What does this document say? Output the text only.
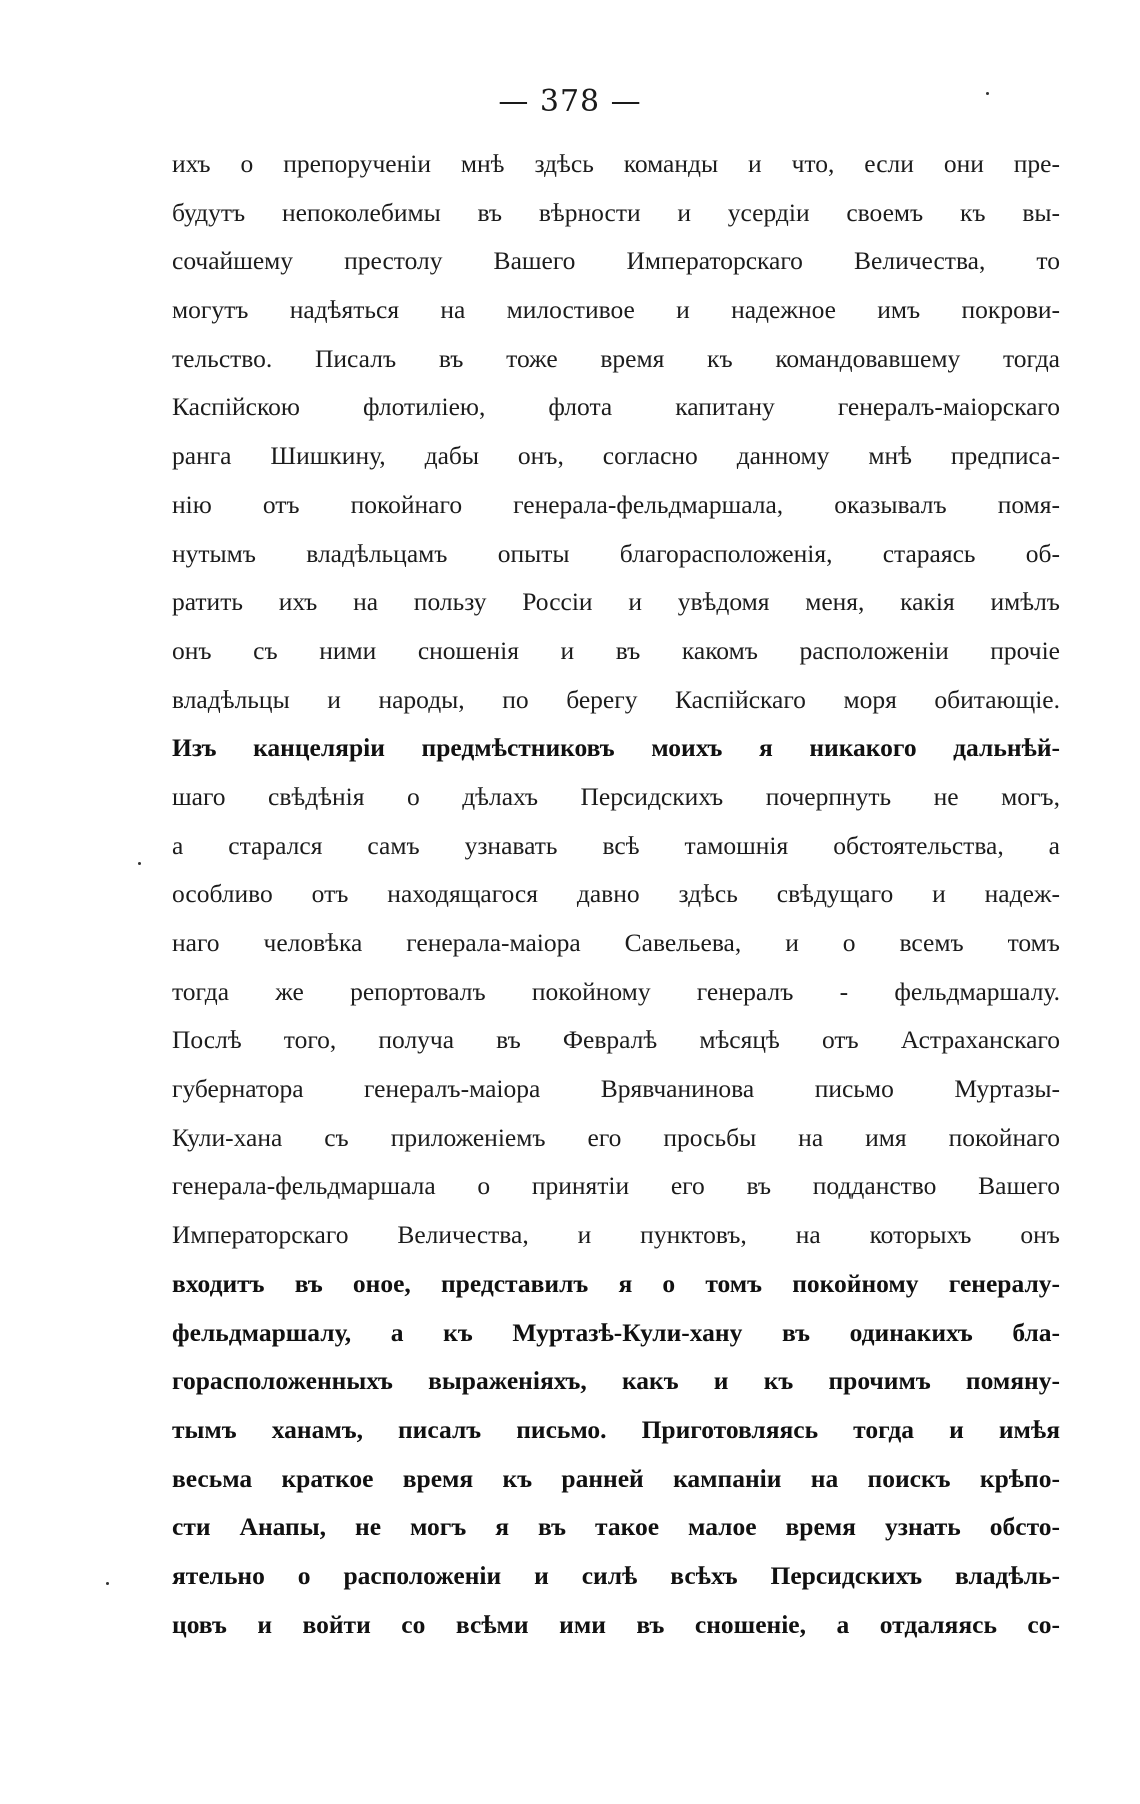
— 378 —
ихъ о препорученіи мнѣ здѣсь команды и что, если они пре-
будутъ непоколебимы въ вѣрности и усердіи своемъ къ вы-
сочайшему престолу Вашего Императорскаго Величества, то
могутъ надѣяться на милостивое и надежное имъ покрови-
тельство. Писалъ въ тоже время къ командовавшему тогда
Каспійскою флотиліею, флота капитану генералъ-маіорскаго
ранга Шишкину, дабы онъ, согласно данному мнѣ предписа-
нію отъ покойнаго генерала-фельдмаршала, оказывалъ помя-
нутымъ владѣльцамъ опыты благорасположенія, стараясь об-
ратить ихъ на пользу Россіи и увѣдомя меня, какія имѣлъ
онъ съ ними сношенія и въ какомъ расположеніи прочіе
владѣльцы и народы, по берегу Каспійскаго моря обитающіе.
Изъ канцеляріи предмѣстниковъ моихъ я никакого дальнѣй-
шаго свѣдѣнія о дѣлахъ Персидскихъ почерпнуть не могъ,
а старался самъ узнавать всѣ тамошнія обстоятельства, а
особливо отъ находящагося давно здѣсь свѣдущаго и надеж-
наго человѣка генерала-маіора Савельева, и о всемъ томъ
тогда же репортовалъ покойному генералъ - фельдмаршалу.
Послѣ того, получа въ Февралѣ мѣсяцѣ отъ Астраханскаго
губернатора генералъ-маіора Врявчанинова письмо Муртазы-
Кули-хана съ приложеніемъ его просьбы на имя покойнаго
генерала-фельдмаршала о принятіи его въ подданство Вашего
Императорскаго Величества, и пунктовъ, на которыхъ онъ
входитъ въ оное, представилъ я о томъ покойному генералу-
фельдмаршалу, а къ Муртазѣ-Кули-хану въ одинакихъ бла-
горасположенныхъ выраженіяхъ, какъ и къ прочимъ помяну-
тымъ ханамъ, писалъ письмо. Приготовляясь тогда и имѣя
весьма краткое время къ ранней кампаніи на поискъ крѣпо-
сти Анапы, не могъ я въ такое малое время узнать обсто-
ятельно о расположеніи и силѣ всѣхъ Персидскихъ владѣль-
цовъ и войти со всѣми ими въ сношеніе, а отдаляясь со-
